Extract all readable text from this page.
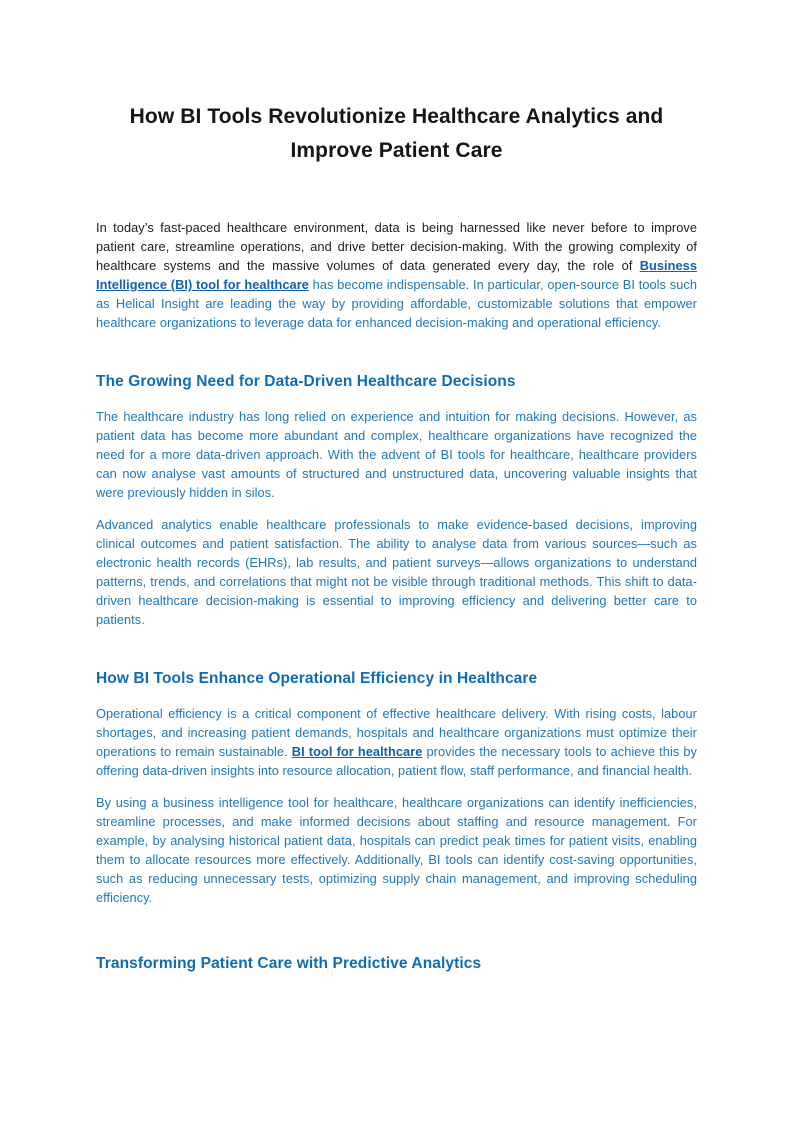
How BI Tools Revolutionize Healthcare Analytics and Improve Patient Care

In today’s fast-paced healthcare environment, data is being harnessed like never before to improve patient care, streamline operations, and drive better decision-making. With the growing complexity of healthcare systems and the massive volumes of data generated every day, the role of Business Intelligence (BI) tool for healthcare has become indispensable. In particular, open-source BI tools such as Helical Insight are leading the way by providing affordable, customizable solutions that empower healthcare organizations to leverage data for enhanced decision-making and operational efficiency.

The Growing Need for Data-Driven Healthcare Decisions

The healthcare industry has long relied on experience and intuition for making decisions. However, as patient data has become more abundant and complex, healthcare organizations have recognized the need for a more data-driven approach. With the advent of BI tools for healthcare, healthcare providers can now analyse vast amounts of structured and unstructured data, uncovering valuable insights that were previously hidden in silos.

Advanced analytics enable healthcare professionals to make evidence-based decisions, improving clinical outcomes and patient satisfaction. The ability to analyse data from various sources—such as electronic health records (EHRs), lab results, and patient surveys—allows organizations to understand patterns, trends, and correlations that might not be visible through traditional methods. This shift to data-driven healthcare decision-making is essential to improving efficiency and delivering better care to patients.

How BI Tools Enhance Operational Efficiency in Healthcare

Operational efficiency is a critical component of effective healthcare delivery. With rising costs, labour shortages, and increasing patient demands, hospitals and healthcare organizations must optimize their operations to remain sustainable. BI tool for healthcare provides the necessary tools to achieve this by offering data-driven insights into resource allocation, patient flow, staff performance, and financial health.

By using a business intelligence tool for healthcare, healthcare organizations can identify inefficiencies, streamline processes, and make informed decisions about staffing and resource management. For example, by analysing historical patient data, hospitals can predict peak times for patient visits, enabling them to allocate resources more effectively. Additionally, BI tools can identify cost-saving opportunities, such as reducing unnecessary tests, optimizing supply chain management, and improving scheduling efficiency.

Transforming Patient Care with Predictive Analytics
